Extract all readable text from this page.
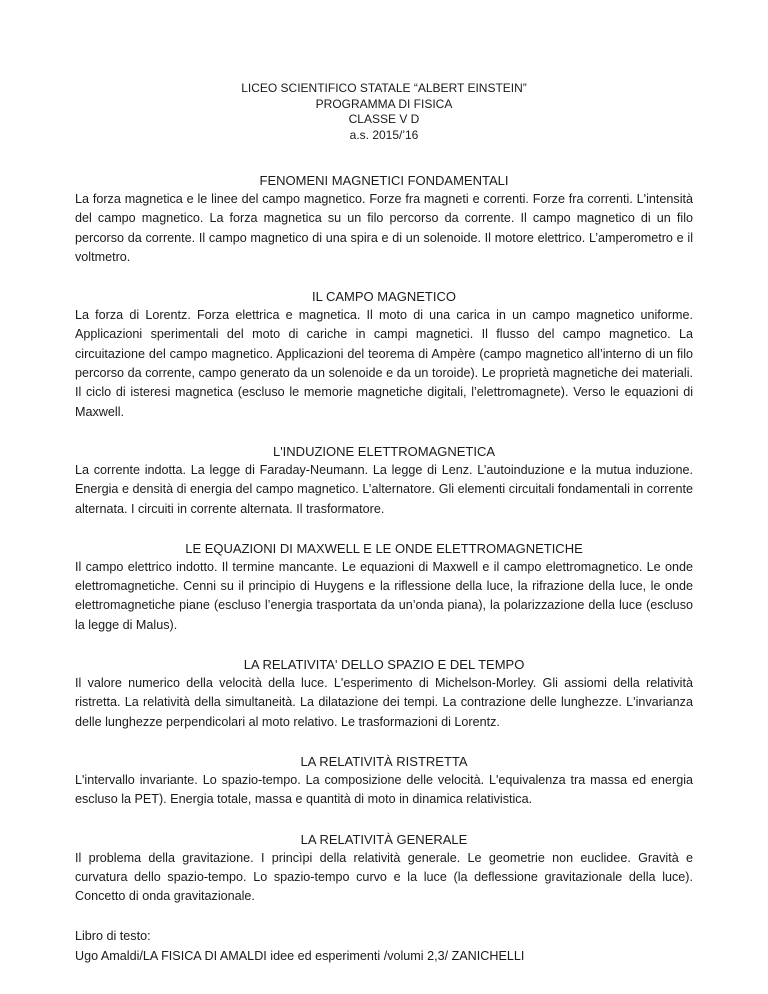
LICEO SCIENTIFICO STATALE “ALBERT EINSTEIN”
PROGRAMMA DI FISICA
CLASSE V D
a.s. 2015/’16
FENOMENI MAGNETICI FONDAMENTALI
La forza magnetica e le linee del campo magnetico. Forze fra magneti e correnti. Forze fra correnti. L'intensità del campo magnetico. La forza magnetica su un filo percorso da corrente. Il campo magnetico di un filo percorso da corrente. Il campo magnetico di una spira e di un solenoide. Il motore elettrico. L’amperometro e il voltmetro.
IL CAMPO MAGNETICO
La forza di Lorentz. Forza elettrica e magnetica. Il moto di una carica in un campo magnetico uniforme. Applicazioni sperimentali del moto di cariche in campi magnetici. Il flusso del campo magnetico. La circuitazione del campo magnetico. Applicazioni del teorema di Ampère (campo magnetico all’interno di un filo percorso da corrente, campo generato da un solenoide e da un toroide). Le proprietà magnetiche dei materiali. Il ciclo di isteresi magnetica (escluso le memorie magnetiche digitali, l’elettromagnete). Verso le equazioni di Maxwell.
L'INDUZIONE ELETTROMAGNETICA
La corrente indotta. La legge di Faraday-Neumann. La legge di Lenz. L’autoinduzione e la mutua induzione. Energia e densità di energia del campo magnetico. L’alternatore. Gli elementi circuitali fondamentali in corrente alternata. I circuiti in corrente alternata. Il trasformatore.
LE EQUAZIONI DI MAXWELL E LE ONDE ELETTROMAGNETICHE
Il campo elettrico indotto. Il termine mancante. Le equazioni di Maxwell e il campo elettromagnetico. Le onde elettromagnetiche. Cenni su il principio di Huygens e la riflessione della luce, la rifrazione della luce, le onde elettromagnetiche piane (escluso l’energia trasportata da un’onda piana), la polarizzazione della luce (escluso la legge di Malus).
LA RELATIVITA' DELLO SPAZIO E DEL TEMPO
Il valore numerico della velocità della luce. L'esperimento di Michelson-Morley. Gli assiomi della relatività ristretta. La relatività della simultaneità. La dilatazione dei tempi. La contrazione delle lunghezze. L'invarianza delle lunghezze perpendicolari al moto relativo. Le trasformazioni di Lorentz.
LA RELATIVITÀ RISTRETTA
L'intervallo invariante. Lo spazio-tempo. La composizione delle velocità. L'equivalenza tra massa ed energia escluso la PET). Energia totale, massa e quantità di moto in dinamica relativistica.
LA RELATIVITÀ GENERALE
Il problema della gravitazione. I princìpi della relatività generale. Le geometrie non euclidee. Gravità e curvatura dello spazio-tempo. Lo spazio-tempo curvo e la luce (la deflessione gravitazionale della luce). Concetto di onda gravitazionale.
Libro di testo:
Ugo Amaldi/LA FISICA DI AMALDI idee ed esperimenti /volumi 2,3/ ZANICHELLI
